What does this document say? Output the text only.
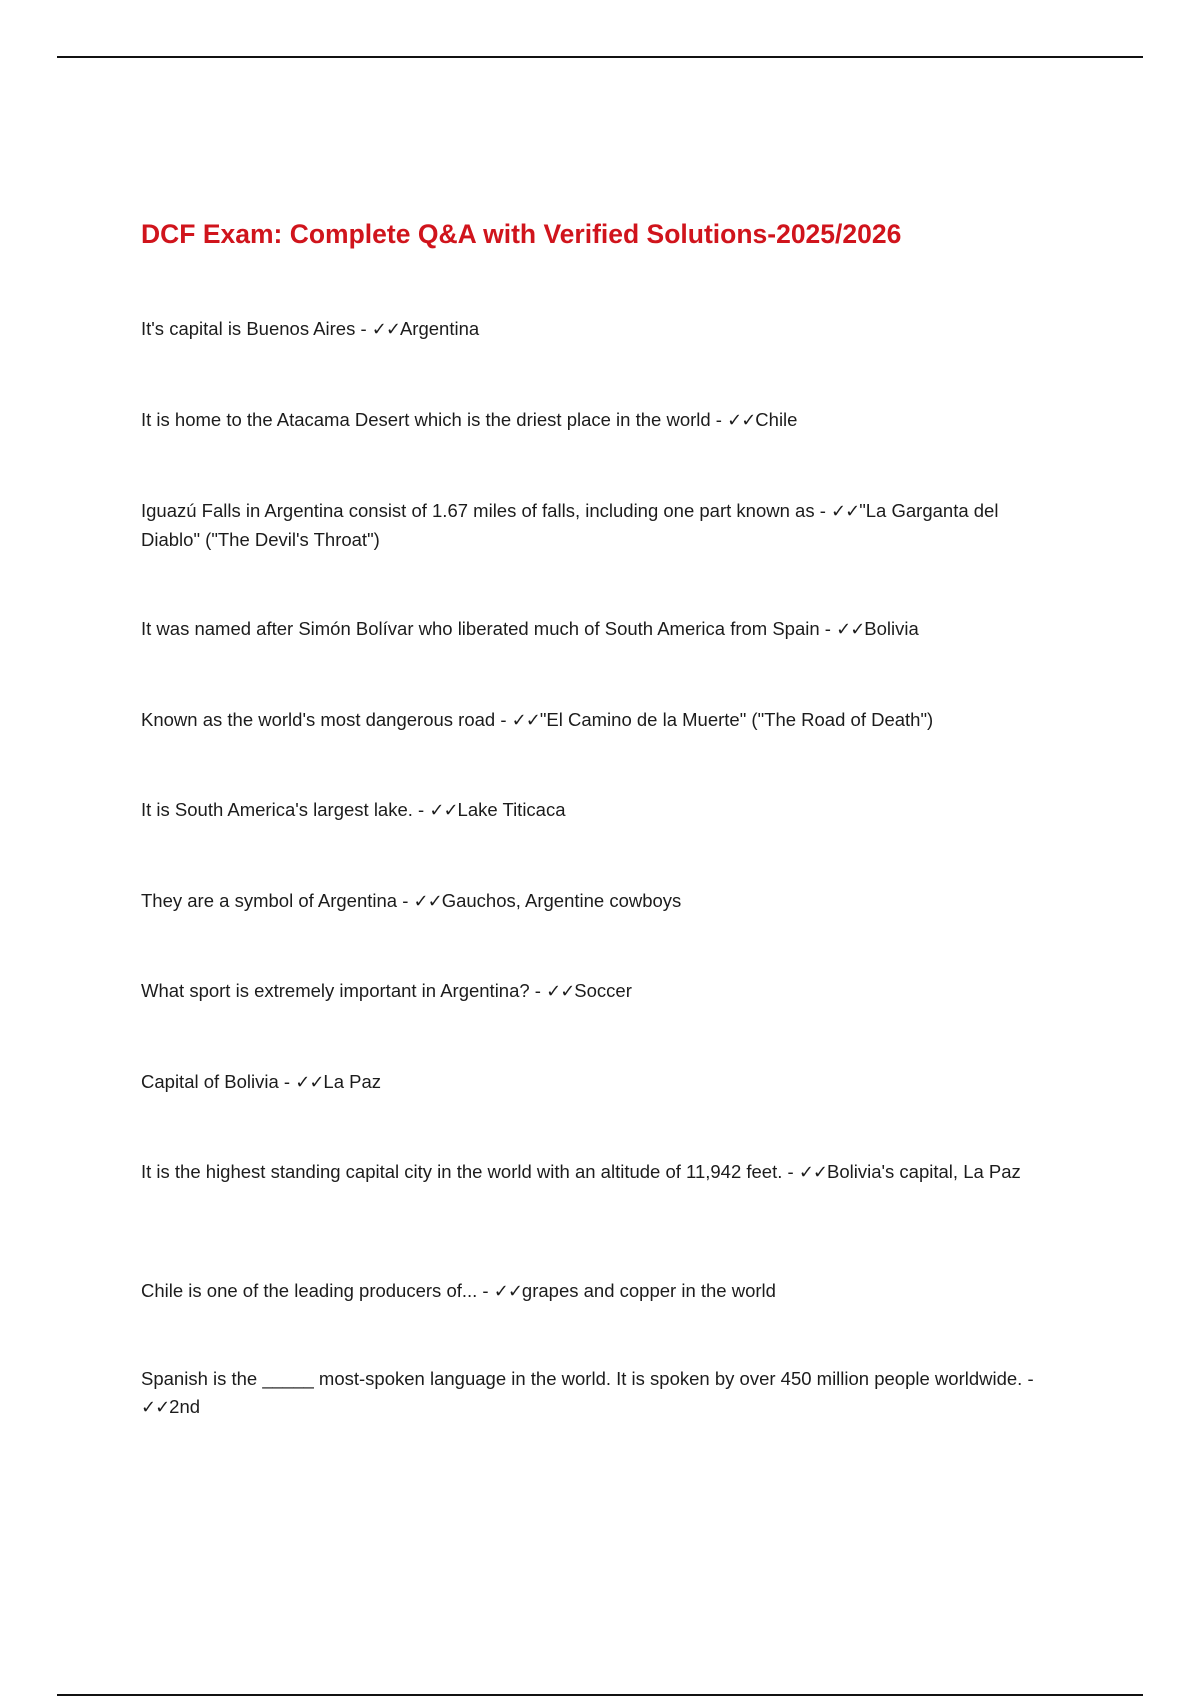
DCF Exam: Complete Q&A with Verified Solutions-2025/2026
It's capital is Buenos Aires - ✓✓Argentina
It is home to the Atacama Desert which is the driest place in the world - ✓✓Chile
Iguazú Falls in Argentina consist of 1.67 miles of falls, including one part known as - ✓✓"La Garganta del Diablo" ("The Devil's Throat")
It was named after Simón Bolívar who liberated much of South America from Spain - ✓✓Bolivia
Known as the world's most dangerous road - ✓✓"El Camino de la Muerte" ("The Road of Death")
It is South America's largest lake. - ✓✓Lake Titicaca
They are a symbol of Argentina - ✓✓Gauchos, Argentine cowboys
What sport is extremely important in Argentina? - ✓✓Soccer
Capital of Bolivia - ✓✓La Paz
It is the highest standing capital city in the world with an altitude of 11,942 feet. - ✓✓Bolivia's capital, La Paz
Chile is one of the leading producers of... - ✓✓grapes and copper in the world
Spanish is the _____ most-spoken language in the world. It is spoken by over 450 million people worldwide. - ✓✓2nd
